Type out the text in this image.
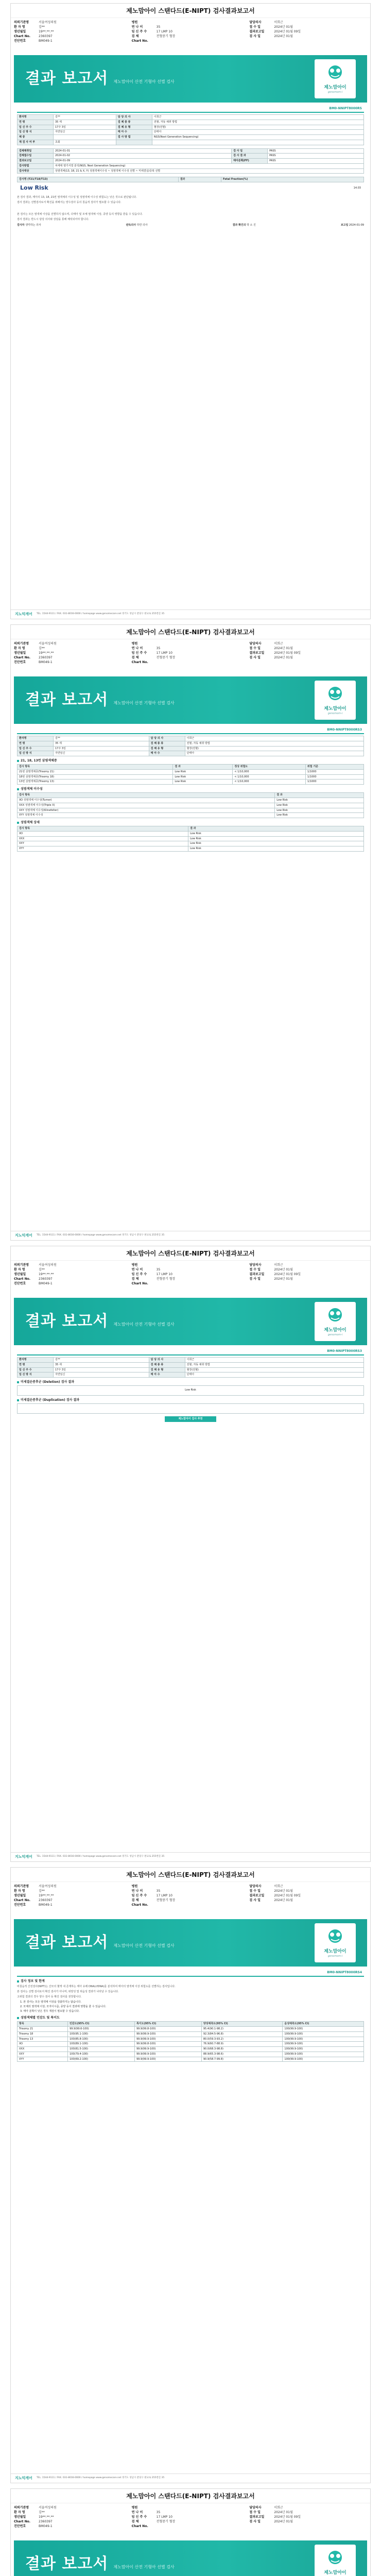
제노맘아이 스탠다드(E-NIPT) 검사결과보고서
의뢰기관명	서울여성의원
환 자 명	김**
생년월일	19**.**.**
Chart No.	2360397
진단번호	BM049-1
병원
연 나 이	35
임 신 주 수	17 LMP 10
검 체	전혈중기 혈장
Chart No.
담당의사	이희근
접 수 일	2024년 01월
결과보고일	2024년 01월 09일
검 사 일	2024년 01월
결과 보고서 제노맘아이 산전 기형아 선별 검사
제노맘아이
genomom-i
BM0-NNIPT8000RS
환자명	김**	담 당 의 사	이희근
연 령	35 세	검 체 종 류	전혈, 자동 채취 방법
임 신 주 수	17주 3일	검 체 유 형	혈장(전혈)
임 신 방 식	자연임신	태 아 수	단태아
체 중		검 사 방 법	NGS(Next Generation Sequencing)
재 검 사 여 부	초회		
검체채취일	2024-01-01	검 사 일	PASS
검체접수일	2024-01-02	검 사 결 과	PASS
결과보고일	2024-01-09	태아분획(FF)	PASS
검사방법	차세대 염기서열 분석(NGS, Next Generation Sequencing)		
검사대상	상염색체(13, 18, 21 & X, Y) 성염색체이수성 ~ 성염색체 이수성 선별 ~ 미세결실/중복 선별		
검사명 (T21/T18/T13)	결과	Fetal Fraction(%)
Low Risk	14.03
본 검사 결과, 태아의 13, 18, 21번 염색체의 이수성 및 성염색체 이수성 위험도는 낮은 것으로 판단됩니다.
검사 결과는 선별검사로서 확진을 위해서는 양수검사 등의 침습적 검사가 필요할 수 있습니다.
본 검사는 모든 염색체 이상을 선별하지 않으며, 다태아 및 모체 염색체 이상, 종양 등의 영향을 받을 수 있습니다.
검사 결과는 반드시 담당 의사와 상담을 통해 해석되어야 합니다.
검사자 생각하는 의사	판독의사 하얀 의사	결과 확인의 박 소 진	보고일 2024-01-09
지노믹케어 TEL. 1544-9111 / FAX. 031-8016-0000 / homepage www.genomecare.net 경기도 성남시 분당구 판교로 255번길 35
제노맘아이 스탠다드(E-NIPT) 검사결과보고서
의뢰기관명	서울여성의원
환 자 명	김**
생년월일	19**.**.**
Chart No.	2360397
진단번호	BM049-1
병원
연 나 이	35
임 신 주 수	17 LMP 10
검 체	전혈중기 혈장
Chart No.
담당의사	이희근
접 수 일	2024년 01월
결과보고일	2024년 01월 09일
검 사 일	2024년 01월
결과 보고서 제노맘아이 산전 기형아 선별 검사
제노맘아이
genomom-i
BM0-NNIPT8000RS3
환자명	김**	담 당 의 사	이희근
연 령	35 세	검 체 종 류	전혈, 자동 채취 방법
임 신 주 수	17주 3일	검 체 유 형	혈장(전혈)
임 신 방 식	자연임신	태 아 수	단태아
21, 18, 13번 삼염색체증
검사 항목	결 과	정상 위험도	위험 기준
21번 삼염색체증(Trisomy 21)	Low Risk	< 1/10,000	1/1000
18번 삼염색체증(Trisomy 18)	Low Risk	< 1/10,000	1/1000
13번 삼염색체증(Trisomy 13)	Low Risk	< 1/10,000	1/1000
성염색체 이수성
검사 항목	결 과
XO 성염색체 이수성(Turner)	Low Risk
XXX 성염색체 이수성(Triple X)	Low Risk
XXY 성염색체 이수성(Klinefelter)	Low Risk
XYY 성염색체 이수성	Low Risk
성염색체 상세
검사 항목	결 과
XO	Low Risk
XXX	Low Risk
XXY	Low Risk
XYY	Low Risk
지노믹케어 TEL. 1544-9111 / FAX. 031-8016-0000 / homepage www.genomecare.net 경기도 성남시 분당구 판교로 255번길 35
제노맘아이 스탠다드(E-NIPT) 검사결과보고서
의뢰기관명	서울여성의원
환 자 명	김**
생년월일	19**.**.**
Chart No.	2360397
진단번호	BM049-1
병원
연 나 이	35
임 신 주 수	17 LMP 10
검 체	전혈중기 혈장
Chart No.
담당의사	이희근
접 수 일	2024년 01월
결과보고일	2024년 01월 09일
검 사 일	2024년 01월
결과 보고서 제노맘아이 산전 기형아 선별 검사
제노맘아이
genomom-i
BM0-NNIPT8000RS3
환자명	김**	담 당 의 사	이희근
연 령	35 세	검 체 종 류	전혈, 자동 채취 방법
임 신 주 수	17주 3일	검 체 유 형	혈장(전혈)
임 신 방 식	자연임신	태 아 수	단태아
미세결손증후군 (Deletion) 검사 결과
Low Risk
미세결손증후군 (Duplication) 검사 결과
제노맘아이 검사 추천
지노믹케어 TEL. 1544-9111 / FAX. 031-8016-0000 / homepage www.genomecare.net 경기도 성남시 분당구 판교로 255번길 35
제노맘아이 스탠다드(E-NIPT) 검사결과보고서
의뢰기관명	서울여성의원
환 자 명	김**
생년월일	19**.**.**
Chart No.	2360397
진단번호	BM049-1
병원
연 나 이	35
임 신 주 수	17 LMP 10
검 체	전혈중기 혈장
Chart No.
담당의사	이희근
접 수 일	2024년 01월
결과보고일	2024년 01월 09일
검 사 일	2024년 01월
결과 보고서 제노맘아이 산전 기형아 선별 검사
제노맘아이
genomom-i
BM0-NNIPT8000RS4
검사 정보 및 한계
비침습적 산전검사(NIPT)는 산모의 혈액 내 존재하는 태아 유래 DNA(cfDNA)를 분석하여 태아의 염색체 이상 위험도를 선별하는 검사입니다.
본 검사는 선별 검사로서 확진 검사가 아니며, 위양성 및 위음성 결과가 나타날 수 있습니다.
고위험 결과의 경우 양수 검사 등 확진 검사를 권장합니다.
1. 본 검사는 모든 염색체 이상을 검출하지는 않습니다.
2. 모체의 염색체 이상, 모자이시즘, 종양 등이 결과에 영향을 줄 수 있습니다.
3. 태아 분획이 낮은 경우 재검이 필요할 수 있습니다.
성염색체별 민감도 및 특이도
항목	민감도(95% CI)	특이도(95% CI)	양성예측도(95% CI)	음성예측도(95% CI)
Trisomy 21	99.9(99.6-100)	99.9(99.8-100)	95.4(90.1-98.2)	100(99.9-100)
Trisomy 18	100(95.1-100)	99.9(99.9-100)	92.3(84.5-96.8)	100(99.9-100)
Trisomy 13	100(85.8-100)	99.9(99.9-100)	80.0(59.3-93.2)	100(99.9-100)
XO	100(89.1-100)	99.9(99.8-100)	76.9(60.7-88.9)	100(99.9-100)
XXX	100(81.5-100)	99.9(99.9-100)	90.0(68.3-98.8)	100(99.9-100)
XXY	100(79.4-100)	99.9(99.9-100)	88.9(65.3-98.6)	100(99.9-100)
XYY	100(69.2-100)	99.9(99.9-100)	90.9(58.7-99.8)	100(99.9-100)
지노믹케어 TEL. 1544-9111 / FAX. 031-8016-0000 / homepage www.genomecare.net 경기도 성남시 분당구 판교로 255번길 35
제노맘아이 스탠다드(E-NIPT) 검사결과보고서
의뢰기관명	서울여성의원
환 자 명	김**
생년월일	19**.**.**
Chart No.	2360397
진단번호	BM049-1
병원
연 나 이	35
임 신 주 수	17 LMP 10
검 체	전혈중기 혈장
Chart No.
담당의사	이희근
접 수 일	2024년 01월
결과보고일	2024년 01월 09일
검 사 일	2024년 01월
결과 보고서 제노맘아이 산전 기형아 선별 검사
제노맘아이
